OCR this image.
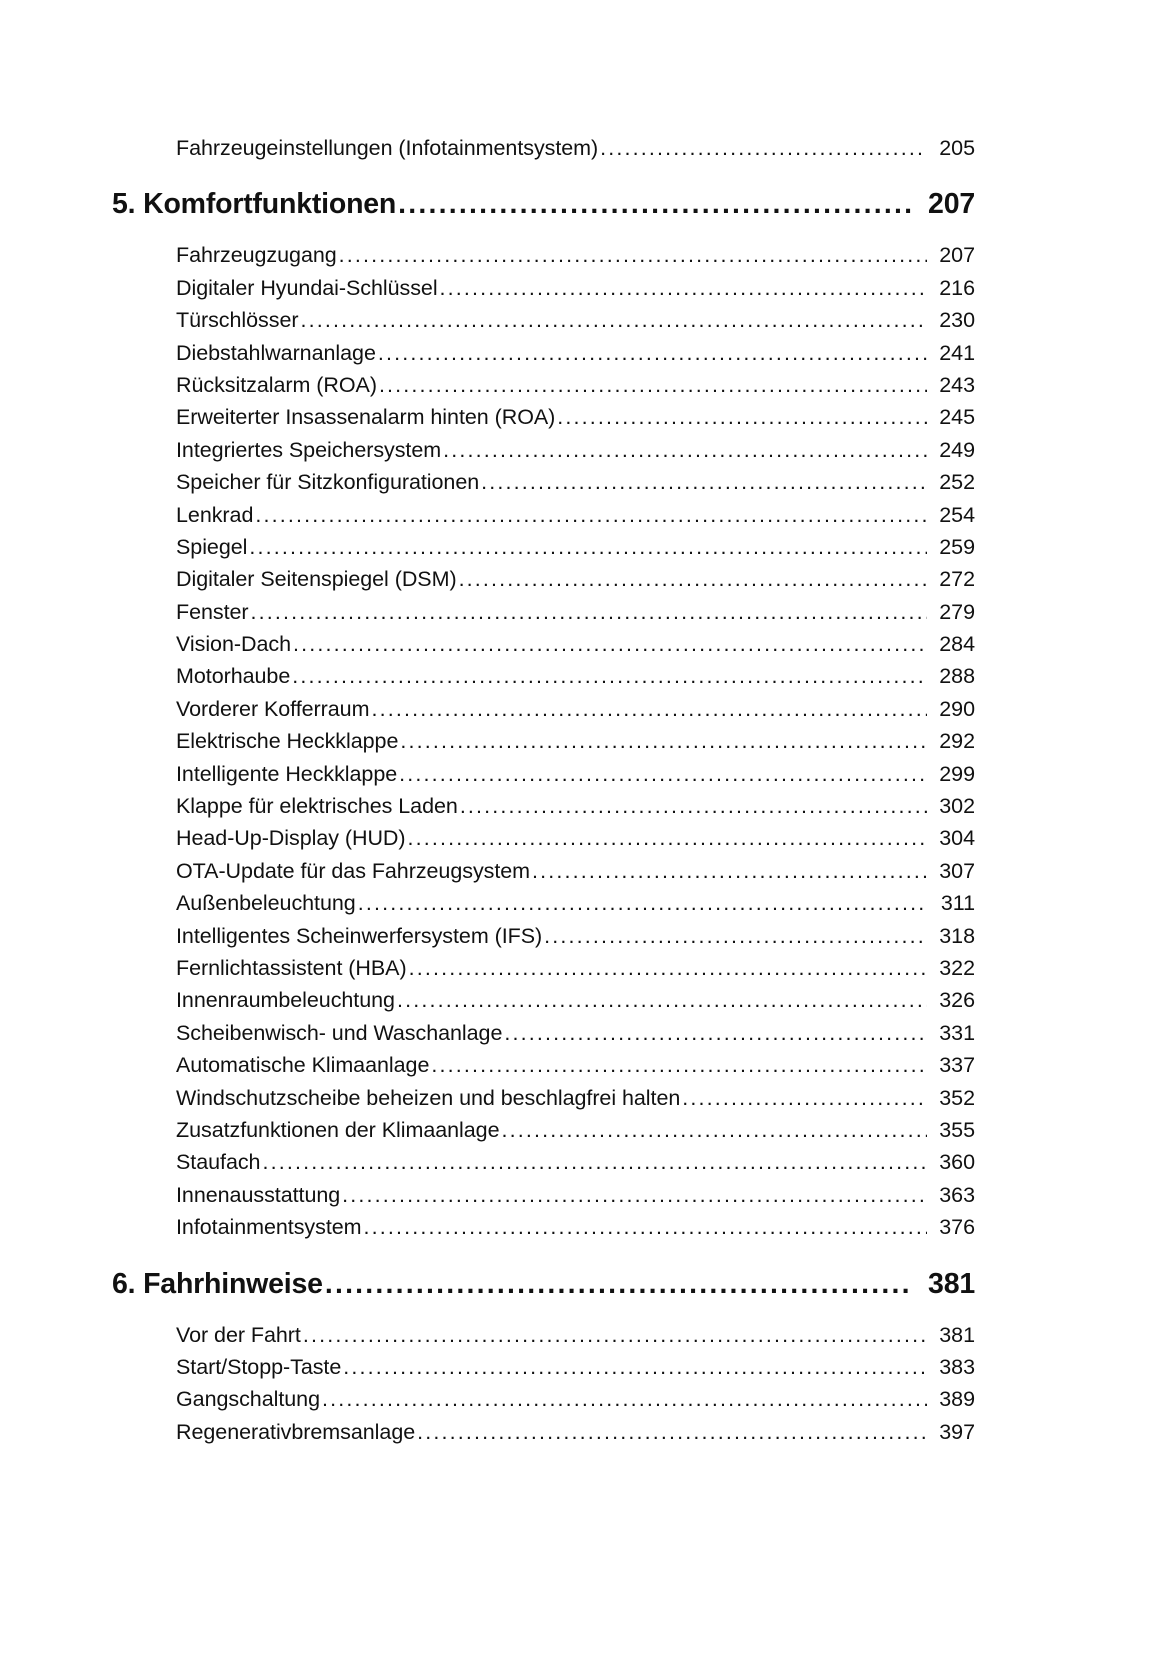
Fahrzeugeinstellungen (Infotainmentsystem) .....	205
5. Komfortfunktionen .....	207
Fahrzeugzugang .....	207
Digitaler Hyundai-Schlüssel .....	216
Türschlösser .....	230
Diebstahlwarnanlage .....	241
Rücksitzalarm (ROA) .....	243
Erweiterter Insassenalarm hinten (ROA) .....	245
Integriertes Speichersystem .....	249
Speicher für Sitzkonfigurationen .....	252
Lenkrad .....	254
Spiegel .....	259
Digitaler Seitenspiegel (DSM) .....	272
Fenster .....	279
Vision-Dach .....	284
Motorhaube .....	288
Vorderer Kofferraum .....	290
Elektrische Heckklappe .....	292
Intelligente Heckklappe .....	299
Klappe für elektrisches Laden .....	302
Head-Up-Display (HUD) .....	304
OTA-Update für das Fahrzeugsystem .....	307
Außenbeleuchtung .....	311
Intelligentes Scheinwerfersystem (IFS) .....	318
Fernlichtassistent (HBA) .....	322
Innenraumbeleuchtung .....	326
Scheibenwisch- und Waschanlage .....	331
Automatische Klimaanlage .....	337
Windschutzscheibe beheizen und beschlagfrei halten .....	352
Zusatzfunktionen der Klimaanlage .....	355
Staufach .....	360
Innenausstattung .....	363
Infotainmentsystem .....	376
6. Fahrhinweise .....	381
Vor der Fahrt .....	381
Start/Stopp-Taste .....	383
Gangschaltung .....	389
Regenerativbremsanlage .....	397
